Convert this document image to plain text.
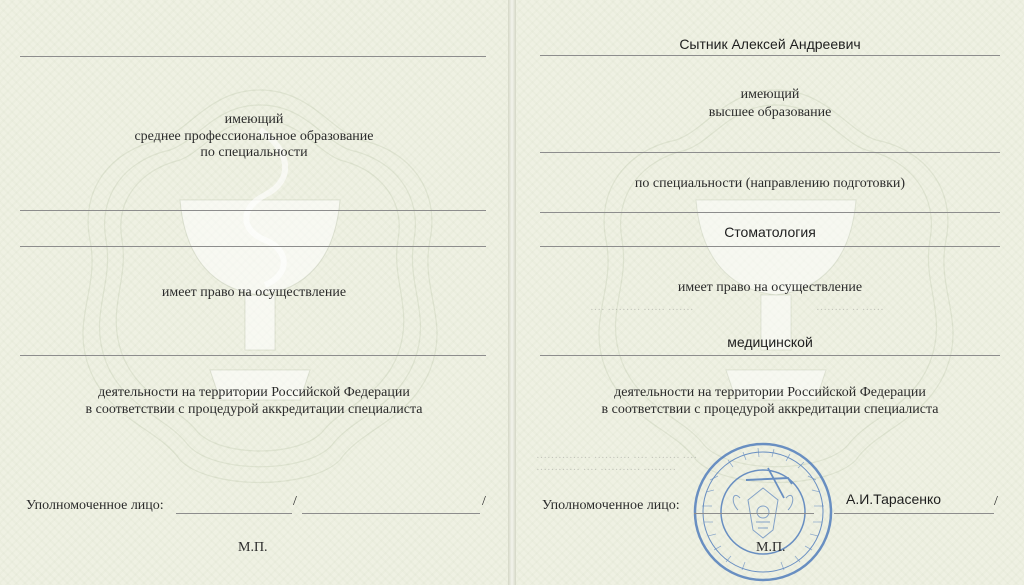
имеющий
среднее профессиональное образование
по специальности
имеет право на осуществление
деятельности на территории Российской Федерации
в соответствии с процедурой аккредитации специалиста
Уполномоченное лицо:	/	/
М.П.
Сытник Алексей Андреевич
имеющий
высшее образование
по специальности (направлению подготовки)
Стоматология
имеет право на осуществление
···· ········· ······ ·······	········· ·· ······
медицинской
деятельности на территории Российской Федерации
в соответствии с процедурой аккредитации специалиста
··············· ·········· ···· ········ ····
············ ···· ··········· ·········
Уполномоченное лицо:	А.И.Тарасенко	/
М.П.
